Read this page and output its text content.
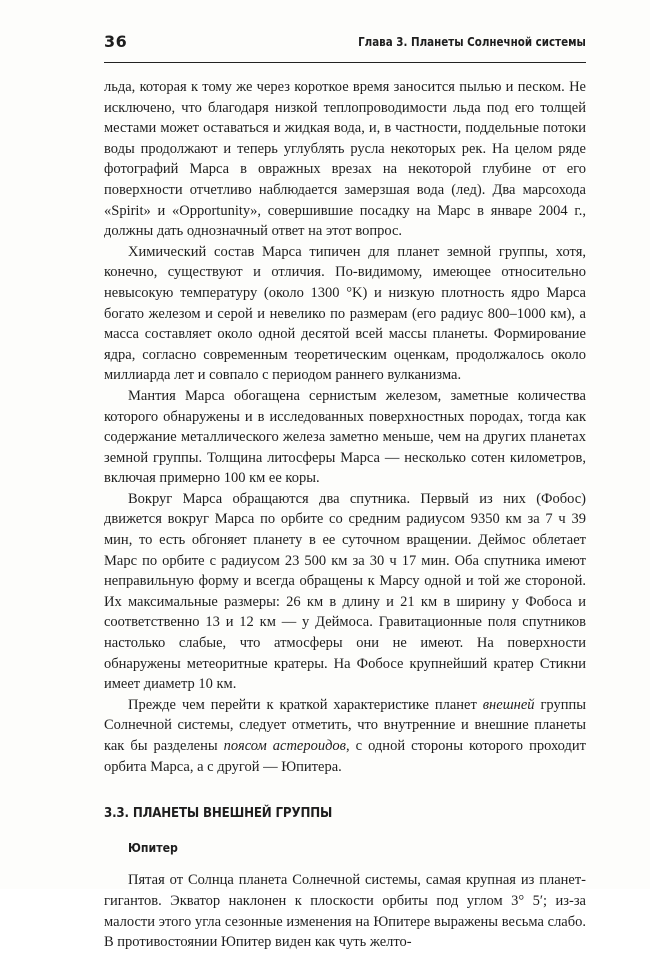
36	Глава 3. Планеты Солнечной системы

льда, которая к тому же через короткое время заносится пылью и песком. Не исключено, что благодаря низкой теплопроводимости льда под его толщей местами может оставаться и жидкая вода, и, в частности, поддельные потоки воды продолжают и теперь углублять русла некоторых рек. На целом ряде фотографий Марса в овражных врезах на некоторой глубине от его поверхности отчетливо наблюдается замерзшая вода (лед). Два марсохода «Spirit» и «Opportunity», совершившие посадку на Марс в январе 2004 г., должны дать однозначный ответ на этот вопрос.

Химический состав Марса типичен для планет земной группы, хотя, конечно, существуют и отличия. По-видимому, имеющее относительно невысокую температуру (около 1300 °K) и низкую плотность ядро Марса богато железом и серой и невелико по размерам (его радиус 800–1000 км), а масса составляет около одной десятой всей массы планеты. Формирование ядра, согласно современным теоретическим оценкам, продолжалось около миллиарда лет и совпало с периодом раннего вулканизма.

Мантия Марса обогащена сернистым железом, заметные количества которого обнаружены и в исследованных поверхностных породах, тогда как содержание металлического железа заметно меньше, чем на других планетах земной группы. Толщина литосферы Марса — несколько сотен километров, включая примерно 100 км ее коры.

Вокруг Марса обращаются два спутника. Первый из них (Фобос) движется вокруг Марса по орбите со средним радиусом 9350 км за 7 ч 39 мин, то есть обгоняет планету в ее суточном вращении. Деймос облетает Марс по орбите с радиусом 23 500 км за 30 ч 17 мин. Оба спутника имеют неправильную форму и всегда обращены к Марсу одной и той же стороной. Их максимальные размеры: 26 км в длину и 21 км в ширину у Фобоса и соответственно 13 и 12 км — у Деймоса. Гравитационные поля спутников настолько слабые, что атмосферы они не имеют. На поверхности обнаружены метеоритные кратеры. На Фобосе крупнейший кратер Стикни имеет диаметр 10 км.

Прежде чем перейти к краткой характеристике планет внешней группы Солнечной системы, следует отметить, что внутренние и внешние планеты как бы разделены поясом астероидов, с одной стороны которого проходит орбита Марса, а с другой — Юпитера.

3.3. ПЛАНЕТЫ ВНЕШНЕЙ ГРУППЫ
Юпитер

Пятая от Солнца планета Солнечной системы, самая крупная из планет-гигантов. Экватор наклонен к плоскости орбиты под углом 3° 5′; из-за малости этого угла сезонные изменения на Юпитере выражены весьма слабо. В противостоянии Юпитер виден как чуть желто-
